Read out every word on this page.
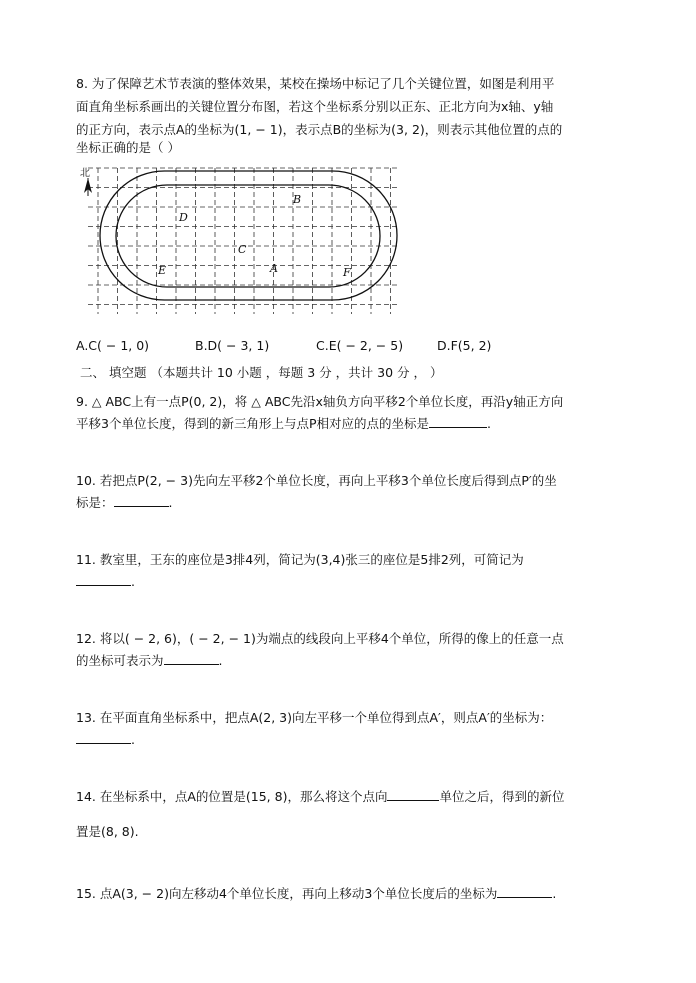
8. 为了保障艺术节表演的整体效果，某校在操场中标记了几个关键位置，如图是利用平
面直角坐标系画出的关键位置分布图，若这个坐标系分别以正东、正北方向为x轴、y轴
的正方向，表示点A的坐标为(1, − 1)，表示点B的坐标为(3, 2)，则表示其他位置的点的
坐标正确的是（ ）
北
B
D
C
A
E	F
A.C( − 1, 0)	B.D( − 3, 1)	C.E( − 2, − 5)	D.F(5, 2)
二、 填空题 （本题共计 10 小题 ，每题 3 分 ，共计 30 分 ， ）
9. △ ABC上有一点P(0, 2)，将 △ ABC先沿x轴负方向平移2个单位长度，再沿y轴正方向
平移3个单位长度，得到的新三角形上与点P相对应的点的坐标是	.
10. 若把点P(2, − 3)先向左平移2个单位长度，再向上平移3个单位长度后得到点P′的坐
标是：	.
11. 教室里，王东的座位是3排4列，简记为(3,4)张三的座位是5排2列，可简记为
.
12. 将以( − 2, 6)，( − 2, − 1)为端点的线段向上平移4个单位，所得的像上的任意一点
的坐标可表示为	.
13. 在平面直角坐标系中，把点A(2, 3)向左平移一个单位得到点A′，则点A′的坐标为：
.
14. 在坐标系中，点A的位置是(15, 8)，那么将这个点向	单位之后，得到的新位
置是(8, 8).
15. 点A(3, − 2)向左移动4个单位长度，再向上移动3个单位长度后的坐标为	.
